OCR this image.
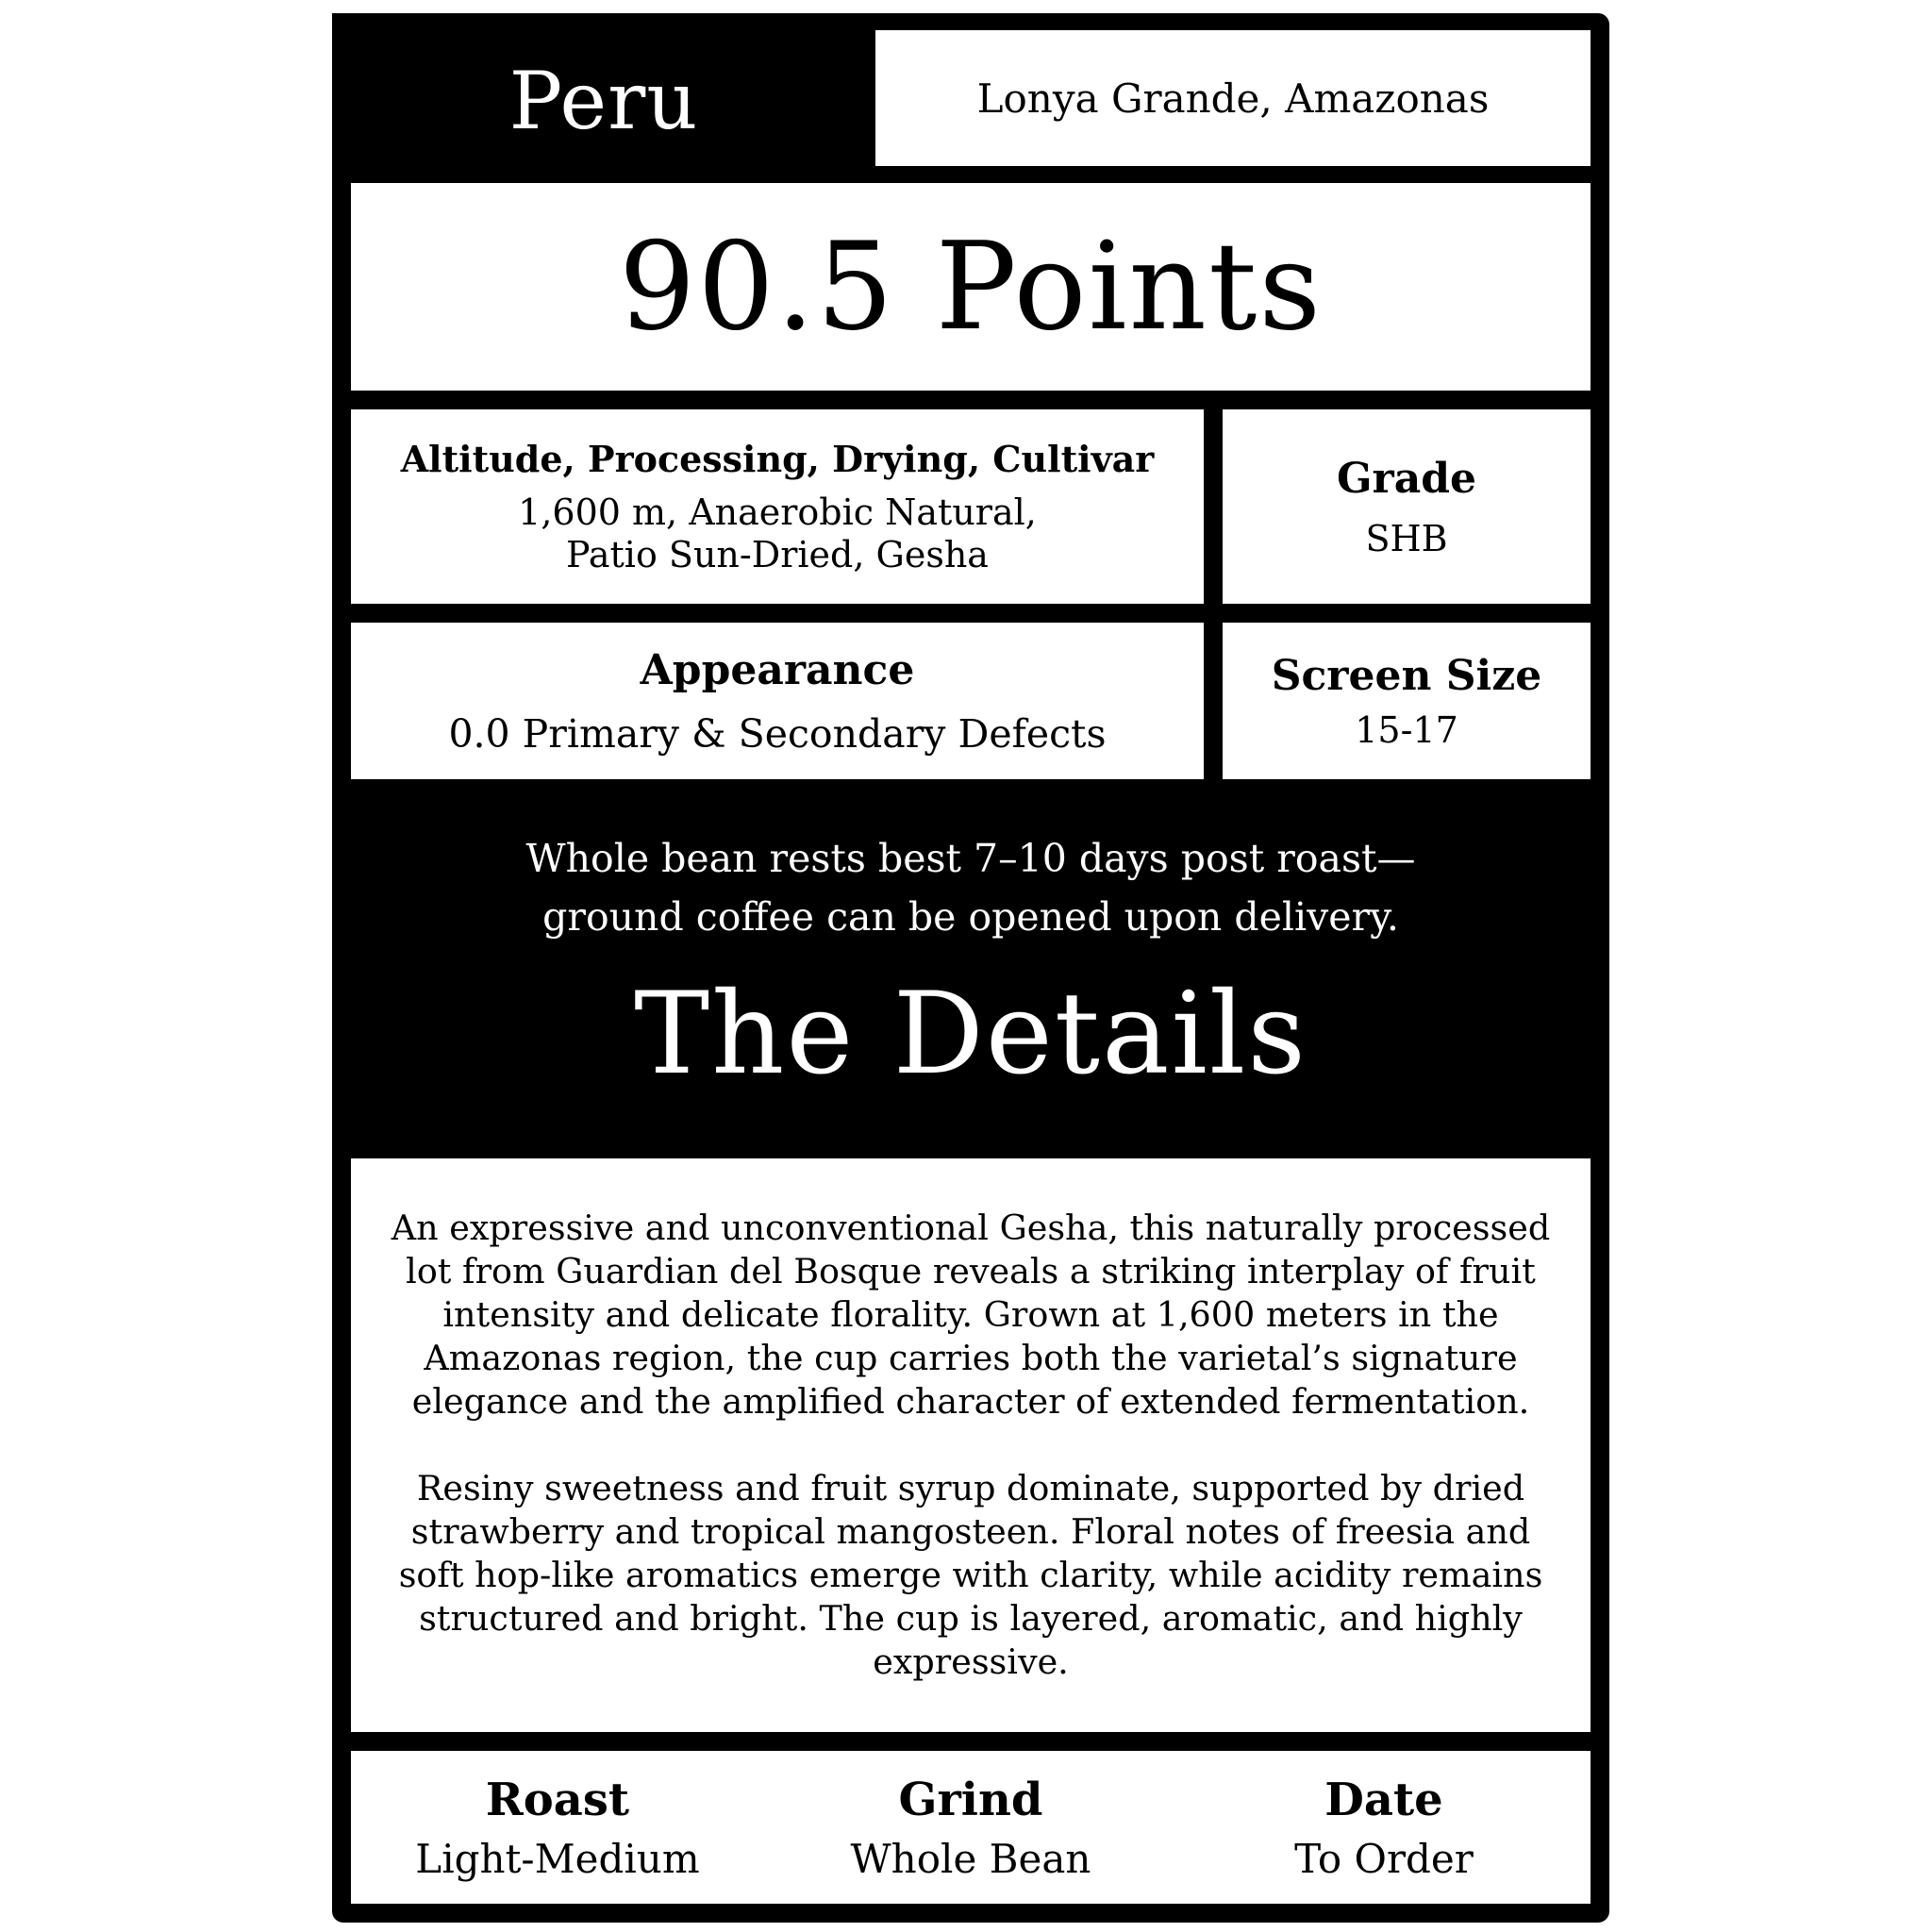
Peru	Lonya Grande, Amazonas
90.5 Points
Altitude, Processing, Drying, Cultivar
1,600 m, Anaerobic Natural,
Patio Sun-Dried, Gesha
Grade
SHB
Appearance
0.0 Primary & Secondary Defects
Screen Size
15-17
Whole bean rests best 7–10 days post roast—
ground coffee can be opened upon delivery.
The Details

An expressive and unconventional Gesha, this naturally processed lot from Guardian del Bosque reveals a striking interplay of fruit intensity and delicate florality. Grown at 1,600 meters in the Amazonas region, the cup carries both the varietal’s signature elegance and the amplified character of extended fermentation.

Resiny sweetness and fruit syrup dominate, supported by dried strawberry and tropical mangosteen. Floral notes of freesia and soft hop-like aromatics emerge with clarity, while acidity remains structured and bright. The cup is layered, aromatic, and highly expressive.

Roast
Light-Medium
Grind
Whole Bean
Date
To Order
